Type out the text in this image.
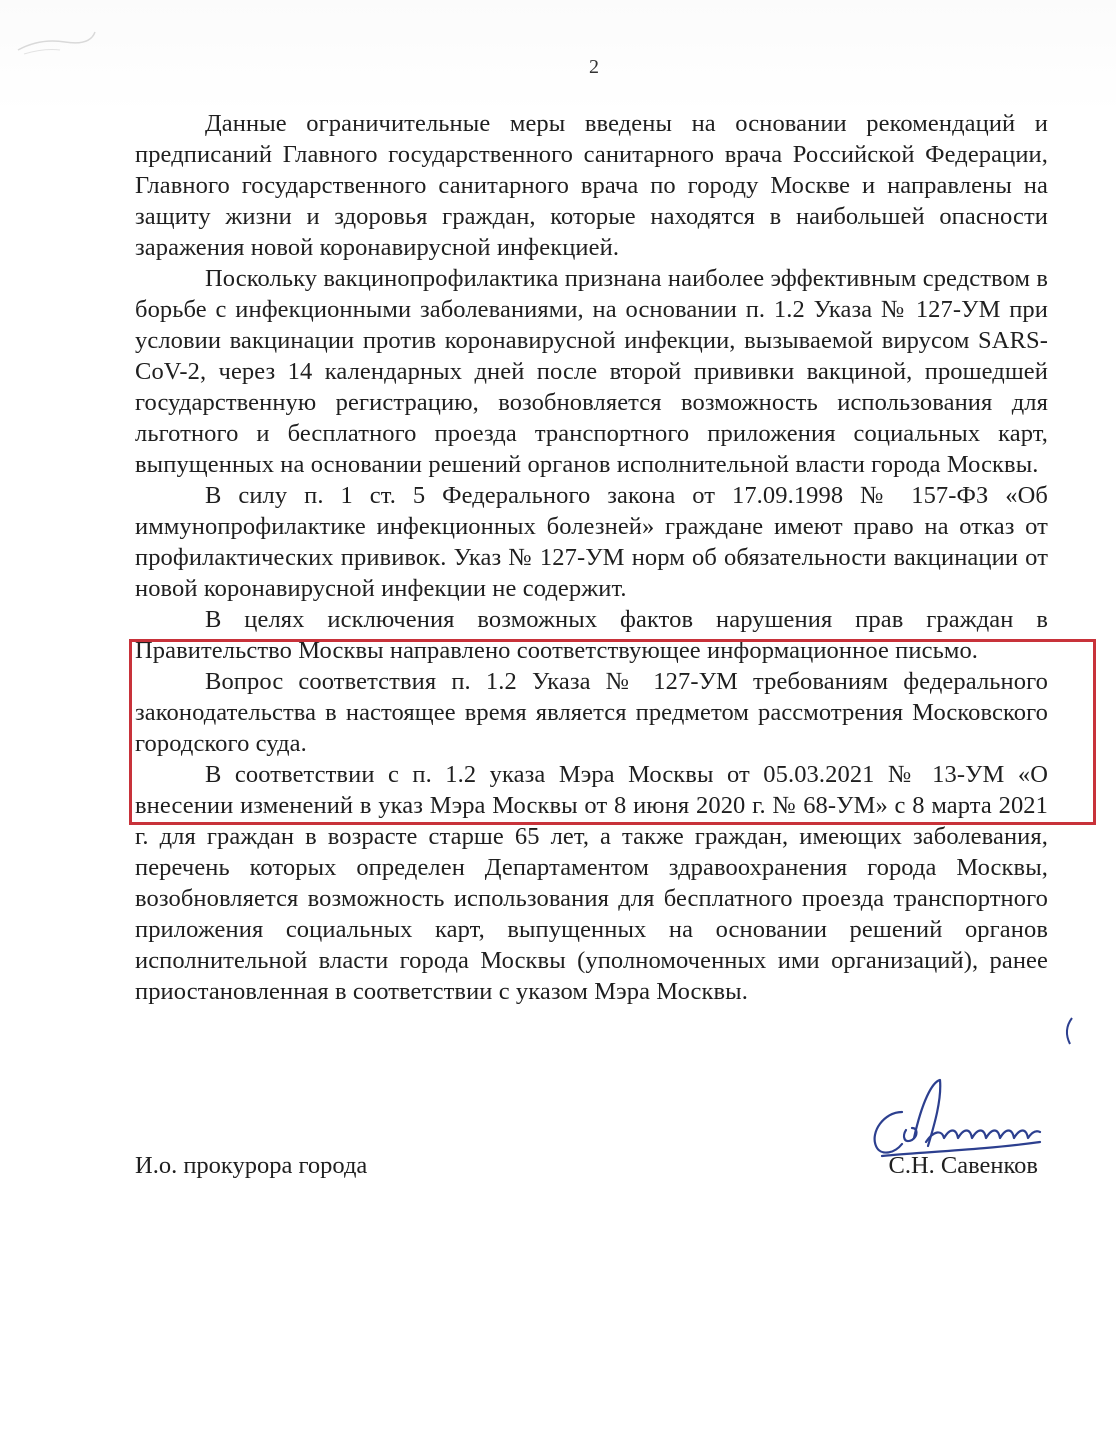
2

Данные ограничительные меры введены на основании рекомендаций и предписаний Главного государственного санитарного врача Российской Федерации, Главного государственного санитарного врача по городу Москве и направлены на защиту жизни и здоровья граждан, которые находятся в наибольшей опасности заражения новой коронавирусной инфекцией.

Поскольку вакцинопрофилактика признана наиболее эффективным средством в борьбе с инфекционными заболеваниями, на основании п. 1.2 Указа № 127-УМ при условии вакцинации против коронавирусной инфекции, вызываемой вирусом SARS-CoV-2, через 14 календарных дней после второй прививки вакциной, прошедшей государственную регистрацию, возобновляется возможность использования для льготного и бесплатного проезда транспортного приложения социальных карт, выпущенных на основании решений органов исполнительной власти города Москвы.

В силу п. 1 ст. 5 Федерального закона от 17.09.1998 № 157-ФЗ «Об иммунопрофилактике инфекционных болезней» граждане имеют право на отказ от профилактических прививок. Указ № 127-УМ норм об обязательности вакцинации от новой коронавирусной инфекции не содержит.

В целях исключения возможных фактов нарушения прав граждан в Правительство Москвы направлено соответствующее информационное письмо.

Вопрос соответствия п. 1.2 Указа № 127-УМ требованиям федерального законодательства в настоящее время является предметом рассмотрения Московского городского суда.

В соответствии с п. 1.2 указа Мэра Москвы от 05.03.2021 № 13-УМ «О внесении изменений в указ Мэра Москвы от 8 июня 2020 г. № 68-УМ» с 8 марта 2021 г. для граждан в возрасте старше 65 лет, а также граждан, имеющих заболевания, перечень которых определен Департаментом здравоохранения города Москвы, возобновляется возможность использования для бесплатного проезда транспортного приложения социальных карт, выпущенных на основании решений органов исполнительной власти города Москвы (уполномоченных ими организаций), ранее приостановленная в соответствии с указом Мэра Москвы.

И.о. прокурора города	С.Н. Савенков
